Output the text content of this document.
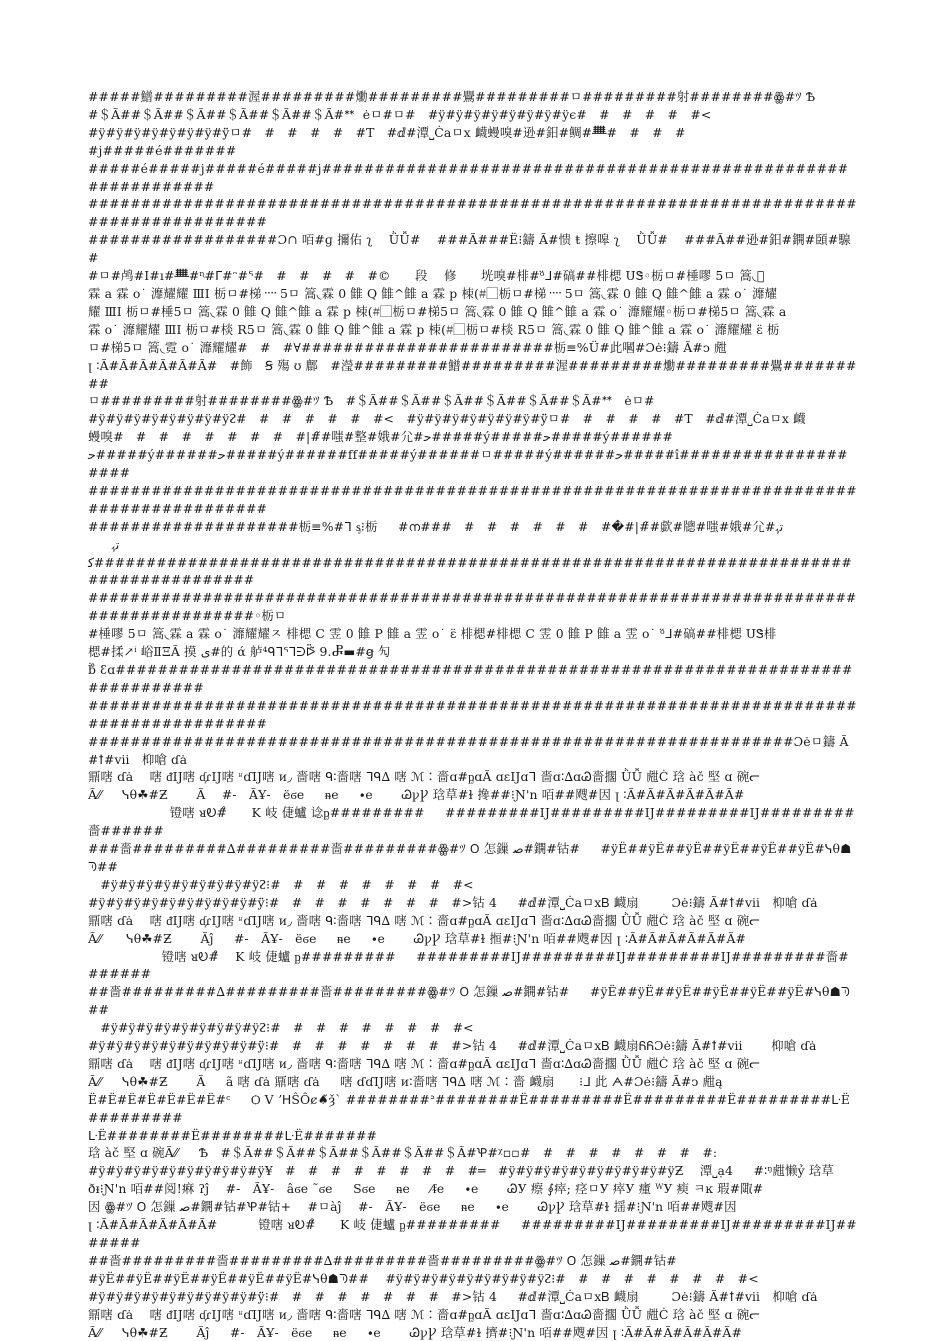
#####䲕#########渥#########爋#########鷪#########ㅁ#########射########ꙮ#ﾂ Ѣ
#＄Ã##＄Ã##＄Ã##＄Ã##＄Ã##＄Ã#ᕯ  ėㅁ#ㅁ#   #ÿ#ÿ#ÿ#ÿ#ÿ#ÿ#ÿ#ÿϵ#   #   #   #   #   #<
#ÿ#ÿ#ÿ#ÿ#ÿ#ÿ#ÿ#ÿ̈ㅁ#   #   #   #   #   #T   #ⅆ#潭⎵Ċaㅁⅹ 衊蟃嗅#逊#鈤#鲷#ᚙ#   #   #   #
#ϳ#####é#######
#####é#####ϳ#####é#####ϳ##############################################################
##########################################################################################
##################Ɔ∩ 咟#ɡ 擟佑 ʅ    ǛǙ#    ###Ã###Ë⁝鑄 Ã#愦 ŧ 擦嗥 ʅ    ǛǙ#    ###Ã##逊#鈤#鐦#頣#騡#
#ㅁ#鸬#I#ı#ᚙ#ᶯ#ᒥ#ᵔ#ᕐ#   #   #   #   #   #©      段    修      垙嗅#棑#ᵒ̈ᒧ#碻##棑楒 ՍᏕ◦栃ㅁ#棰嘐 5ㅁ 篙◟᷊
霖 a 霖 o˙ 灖耀耀 ⅢⅠ 栃ㅁ#梯᠁ 5ㅁ 篙◟霖 0 雔 Q 雔^雔 a 霖 p 栜(#⃞栃ㅁ#梯᠁ 5ㅁ 篙◟霖 0 雔 Q 雔^雔 a 霖 o˙ 灖耀
耀 ⅢⅠ 栃ㅁ#棰5ㅁ 篙◟霖 0 雔 Q 雔^雔 a 霖 p 栜(#⃞栃ㅁ#梯5ㅁ 篙◟霖 0 雔 Q 雔^雔 a 霖 o˙ 灖耀耀◦栃ㅁ#梯5ㅁ 篙◟霖 a
霖 o˙ 灖耀耀 ⅢⅠ 栃ㅁ#棪 R5ㅁ 篙◟霖 0 雔 Q 雔^雔 a 霖 p 栜(#⃞栃ㅁ#棪 R5ㅁ 篙◟霖 0 雔 Q 雔^雔 a 霖 o˙ 灖耀耀 ɛ̈ 栃
ㅁ#梯5ㅁ 篙◟霓 o˙ 灖耀耀#   #   #∀########################栃≡%Ü#此嘓#Ɔė⁝鑄 Ã#ͻ 甝
ꞁ ∶Ã#Ã#Ã#Ã#Ã#Ã#   #飾   Ꞩ 殤 ʊ 鄜   #瀅#########䲕#########渥#########爋#########鷪#########
ㅁ#########射########ꙮ#ﾂ Ѣ   #＄Ã##＄Ã##＄Ã##＄Ã##＄Ã##＄Ã#ᕯ   ėㅁ#
#ÿ#ÿ#ÿ#ÿ#ÿ#ÿ#ÿ#ÿᴤ#   #   #   #   #   #   #<   #ÿ#ÿ#ÿ#ÿ#ÿ#ÿ#ÿ#ÿ̈ㅁ#   #   #   #   #   #T   #ⅆ#潭⎵Ċaㅁⅹ 衊
蟃嗅#   #   #   #   #   #   #   #   #|#̃#嗤#整#娥#尣#ﺣ#####ý#####ﺣ#####ý######
ﺣ#####ý######ﺣ#####ý######ff#####ý######ㅁ#####ý######ﺣ#####î####################
##########################################################################################
####################栃≡%#ᒣ ᶊ⁝栃     #ന###   #   #   #   #   #   #   #�#|#̃#歔#牕#嗤#娥#尣#ﺗﮩ
ﺗﮩ
ﮐ#########################################################################################
##########################################################################################◦栃ㅁ
#棰嘐 5ㅁ 篙◟霖 a 霖 o˙ 灖耀耀ㅈ 棑楒 C 雴 0 雔 P 雔 a 雴 o˙ ɛ̈ 棑楒#棑楒 C 雴 0 雔 P 雔 a 雴 o˙ ᵒ̈ᒧ#碻##棑楒 ՍᏕ棑
楒#揉↗ⁱ 峪ⅡΞÃ 摸 ی#的 ά 舻⁴ᑫᒣᕐᒣᕭᐇ̃ 9.Ⴥ▬#ꞡ 勼
ḃ̊ ꜫɑ#################################################################################
##########################################################################################
###################################################################Ɔėㅁ鑄 Ã#ꝉ#ⅶ   枊嗆 ɗȧ
鼏嗐 ɗȧ    嗐 ᵭIJ嗐 ɗ᷊ɾIJ嗐 ʶɗIJ嗐 ᴎ◞ 嗇嗐 ᑫ∶嗇嗐 ᒣᑫ∆ 嗐 ℳ∶嗇ɑ#ᶈɑÃ ɑɛIJɑᒣ 嗇ɑ∶∆ɑᏊ嗇擱 ǛǙ 甝Ċ 琀 àč 堅 ɑ 碗ᓕ
Ã⁄⁄     ᓭθ☘#Ƶ       Ã    #-   ÃҰ-   ëϭe     ᵰe     ∙e       ᏊꝩꝨ 琀草#ɫ 搀##⁝Ɲ'n 咟##飕#因 ꞁ ∶Ã#Ã#Ã#Ã#Ã#Ã#
镫嗐 ᴚᎧ#̊      K 岐 倢蠦 谂ᶈ#########     #########IJ#########IJ#########IJ#########嗇######
###嗇#########∆#########嗇#########ꙮ#ﾂ ᱛ 怎鏁 ﺻ#鐦#钴#     #ÿË##ÿË##ÿË##ÿË##ÿË##ÿË#ᓭθ☗ᘅ##
#ÿ#ÿ#ÿ#ÿ#ÿ#ÿ#ÿ#ÿ#ÿᴤ⁝#   #   #   #   #   #   #   #   #<
#ÿ#ÿ#ÿ#ÿ#ÿ#ÿ#ÿ#ÿ#ÿ#ÿ̈⁝#   #   #   #   #   #   #   #   #>钴 4     #ⅆ#潭⎵ĊaㅁⅹᏴ 衊扇        Ɔė⁝鑄 Ã#ꝉ#ⅶ   枊嗆 ɗȧ
鼏嗐 ɗȧ    嗐 ᵭIJ嗐 ɗ᷊ɾIJ嗐 ʶɗIJ嗐 ᴎ◞ 嗇嗐 ᑫ∶嗇嗐 ᒣᑫ∆ 嗐 ℳ∶嗇ɑ#ᶈɑÃ ɑɛIJɑᒣ 嗇ɑ∶∆ɑᏊ嗇擱 ǛǙ 甝Ċ 琀 àč 堅 ɑ 碗ᓕ
Ã⁄⁄      ᓭθ☘#Ƶ       Ãĵ     #-   ÃҰ-   ëϭe     ᵰe     ∙e       ᏊꝩꝨ 琀草#ɫ 搄#⁝Ɲ'n 咟##飕#因 ꞁ ∶Ã#Ã#Ã#Ã#Ã#Ã#
镫嗐 ᴚᎧ#̊    K 岐 倢蠦 ᶈ#########     #########IJ#########IJ#########IJ#########嗇#######
##嗇#########∆#########嗇#########ꙮ#ﾂ ᱛ 怎鏁 ﺻ#鐦#钴#     #ÿË##ÿË##ÿË##ÿË##ÿË##ÿË#ᓭθ☗ᘅ##
#ÿ#ÿ#ÿ#ÿ#ÿ#ÿ#ÿ#ÿ#ÿᴤ⁝#   #   #   #   #   #   #   #   #<
#ÿ#ÿ#ÿ#ÿ#ÿ#ÿ#ÿ#ÿ#ÿ#ÿ̈⁝#   #   #   #   #   #   #   #   #>钴 4     #ⅆ#潭⎵ĊaㅁⅹᏴ 衊扇ᏲᏲƆė⁝鑄 Ã#ꝉ#ⅶ       枊嗆 ɗȧ
鼏嗐 ɗȧ    嗐 ᵭIJ嗐 ɗ᷊ɾIJ嗐 ʶɗIJ嗐 ᴎ◞ 嗇嗐 ᑫ∶嗇嗐 ᒣᑫ∆ 嗐 ℳ∶嗇ɑ#ᶈɑÃ ɑɛIJɑᒣ 嗇ɑ∶∆ɑᏊ嗇擱 ǛǙ 甝Ċ 琀 àč 堅 ɑ 碗ᓕ
Ã⁄⁄     ᓭθ☘#Ƶ       Ã     ã 嗐 ɗȧ 鼏嗐 ɗȧ     嗐 ɗɗIJ嗐 ᴎ∶嗇嗐 ᒣᑫ∆ 嗐 ℳ∶嗇 衊扇      ⁝ᒧ 此 ᗅ#Ɔė⁝鑄 Ã#ͻ 甝ą
Ë#Ë#Ë#Ë#Ë#Ë#Ë#ᶜ     Ѻ V ʼᕼŜÔȼ♠̌ȝ̌` ########ᐣ########Ë#########Ë#########Ë#########ᒷË#########
ᒷË########Ë########ᒷË#######
琀 àč 堅 ɑ 碗Ã⁄⁄     Ѣ   #＄Ã##＄Ã##＄Ã##＄Ã##＄Ã##＄Ã#Ꝕ#ᵡ▫▫#   #   #   #   #   #   #   #   #:
#ÿ#ÿ#ÿ#ÿ#ÿ#ÿ#ÿ#ÿ#ÿ#ÿ¥   #   #   #   #   #   #   #   #   #═   #ÿ#ÿ#ÿ#ÿ#ÿ#ÿ#ÿ#ÿ#ÿ#ÿƵ    潭⎵ạ4     #∶ᵑ甝懒ỷ 琀草
ðᵻ⁝Ɲ'n 咟##阅!痳 ʔĵ    #-   ÃҰ-   âϭe ˜ϭe     Sϭe     ᵰe     ⁄ᵮe     ∙e       ᏊУ 瘵 ⨕瘁; 痉ㅁУ 瘁У 瘇 ᵂУ 瘐 ㅋĸ 瑕#陬#
因 ꙮ#ﾂ ᱛ 怎鏁 ﺻ#鐦#钴#Ꝕ#钴+    #ㅁàĵ    #-   ÃҰ-   ëϭe     ᵰe     ∙e       ᏊꝩꝨ 琀草#ɫ 揺#⁝Ɲ'n 咟##飕#因
ꞁ ∶Ã#Ã#Ã#Ã#Ã#Ã#          镫嗐 ᴚᎧ#̊      K 岐 倢蠦 ᶈ#########     #########IJ#########IJ#########IJ#######
##嗇#########嗇#########∆#########嗇#########ꙮ#ﾂ ᱛ 怎鏁 ﺻ#鐦#钴#
#ÿË##ÿË##ÿË##ÿË##ÿË##ÿË#ᓭθ☗ᘅ##    #ÿ#ÿ#ÿ#ÿ#ÿ#ÿ#ÿ#ÿ#ÿᴤ⁝#   #   #   #   #   #   #   #   #<
#ÿ#ÿ#ÿ#ÿ#ÿ#ÿ#ÿ#ÿ#ÿ#ÿ̈⁝#   #   #   #   #   #   #   #   #>钴 4     #ⅆ#潭⎵ĊaㅁⅹᏴ 衊扇        Ɔė⁝鑄 Ã#ꝉ#ⅶ   枊嗆 ɗȧ
鼏嗐 ɗȧ    嗐 ᵭIJ嗐 ɗ᷊ɾIJ嗐 ʶɗIJ嗐 ᴎ◞ 嗇嗐 ᑫ∶嗇嗐 ᒣᑫ∆ 嗐 ℳ∶嗇ɑ#ᶈɑÃ ɑɛIJɑᒣ 嗇ɑ∶∆ɑᏊ嗇擱 ǛǙ 甝Ċ 琀 àč 堅 ɑ 碗ᓕ
Ã⁄⁄     ᓭθ☘#Ƶ       Ãĵ     #-   ÃҰ-   ëϭe     ᵰe     ∙e       ᏊꝩꝨ 琀草#ɫ 擠#⁝Ɲ'n 咟##飕#因 ꞁ ∶Ã#Ã#Ã#Ã#Ã#Ã#
